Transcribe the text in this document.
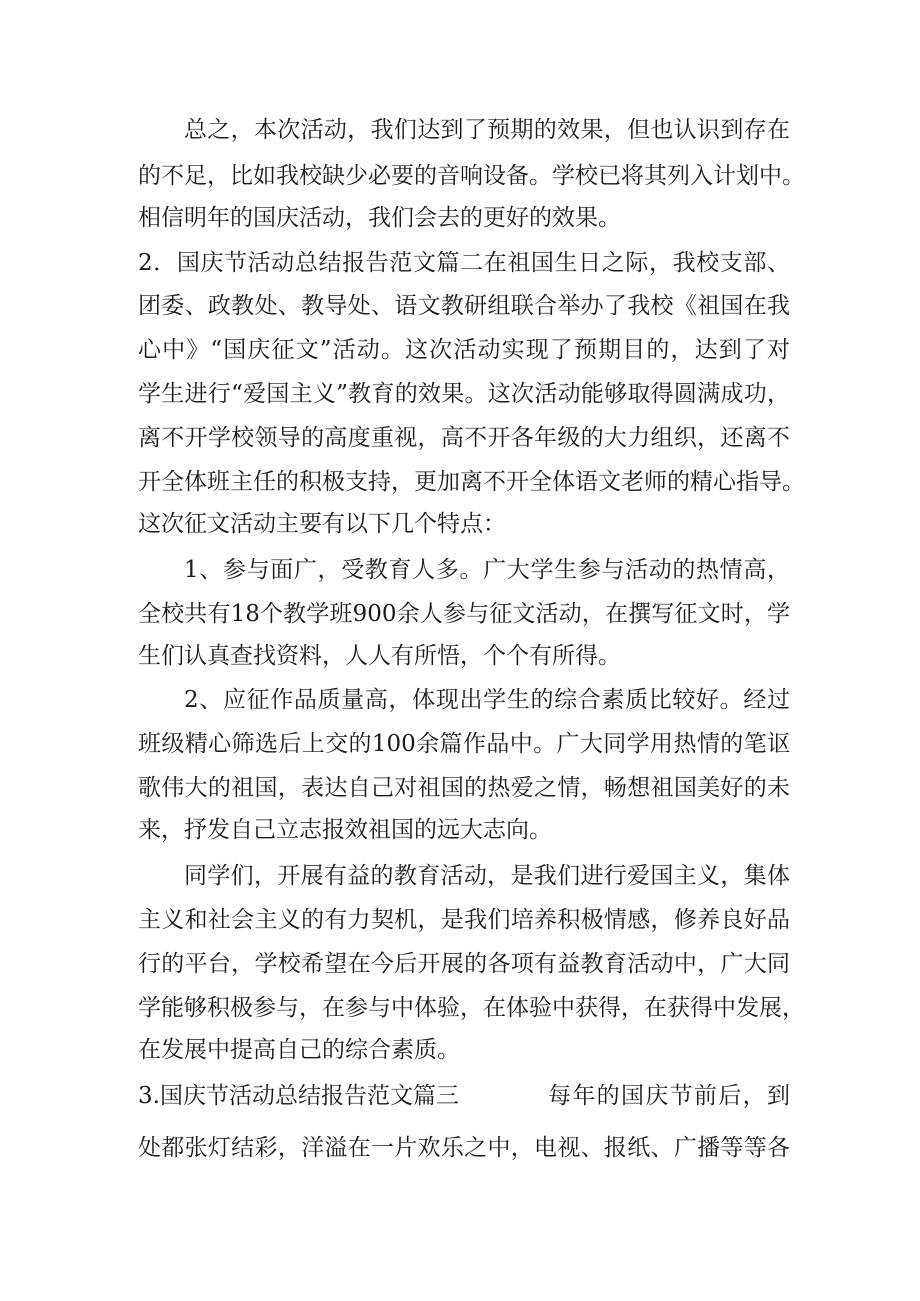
总之，本次活动，我们达到了预期的效果，但也认识到存在
的不足，比如我校缺少必要的音响设备。学校已将其列入计划中。
相信明年的国庆活动，我们会去的更好的效果。
2．国庆节活动总结报告范文篇二在祖国生日之际，我校支部、
团委、政教处、教导处、语文教研组联合举办了我校《祖国在我
心中》“国庆征文”活动。这次活动实现了预期目的，达到了对
学生进行“爱国主义”教育的效果。这次活动能够取得圆满成功，
离不开学校领导的高度重视，高不开各年级的大力组织，还离不
开全体班主任的积极支持，更加离不开全体语文老师的精心指导。
这次征文活动主要有以下几个特点：
1、参与面广，受教育人多。广大学生参与活动的热情高，
全校共有18个教学班900余人参与征文活动，在撰写征文时，学
生们认真查找资料，人人有所悟，个个有所得。
2、应征作品质量高，体现出学生的综合素质比较好。经过
班级精心筛选后上交的100余篇作品中。广大同学用热情的笔讴
歌伟大的祖国，表达自己对祖国的热爱之情，畅想祖国美好的未
来，抒发自己立志报效祖国的远大志向。
同学们，开展有益的教育活动，是我们进行爱国主义，集体
主义和社会主义的有力契机，是我们培养积极情感，修养良好品
行的平台，学校希望在今后开展的各项有益教育活动中，广大同
学能够积极参与，在参与中体验，在体验中获得，在获得中发展，
在发展中提高自己的综合素质。
3.国庆节活动总结报告范文篇三	每年的国庆节前后，到
处都张灯结彩，洋溢在一片欢乐之中，电视、报纸、广播等等各
